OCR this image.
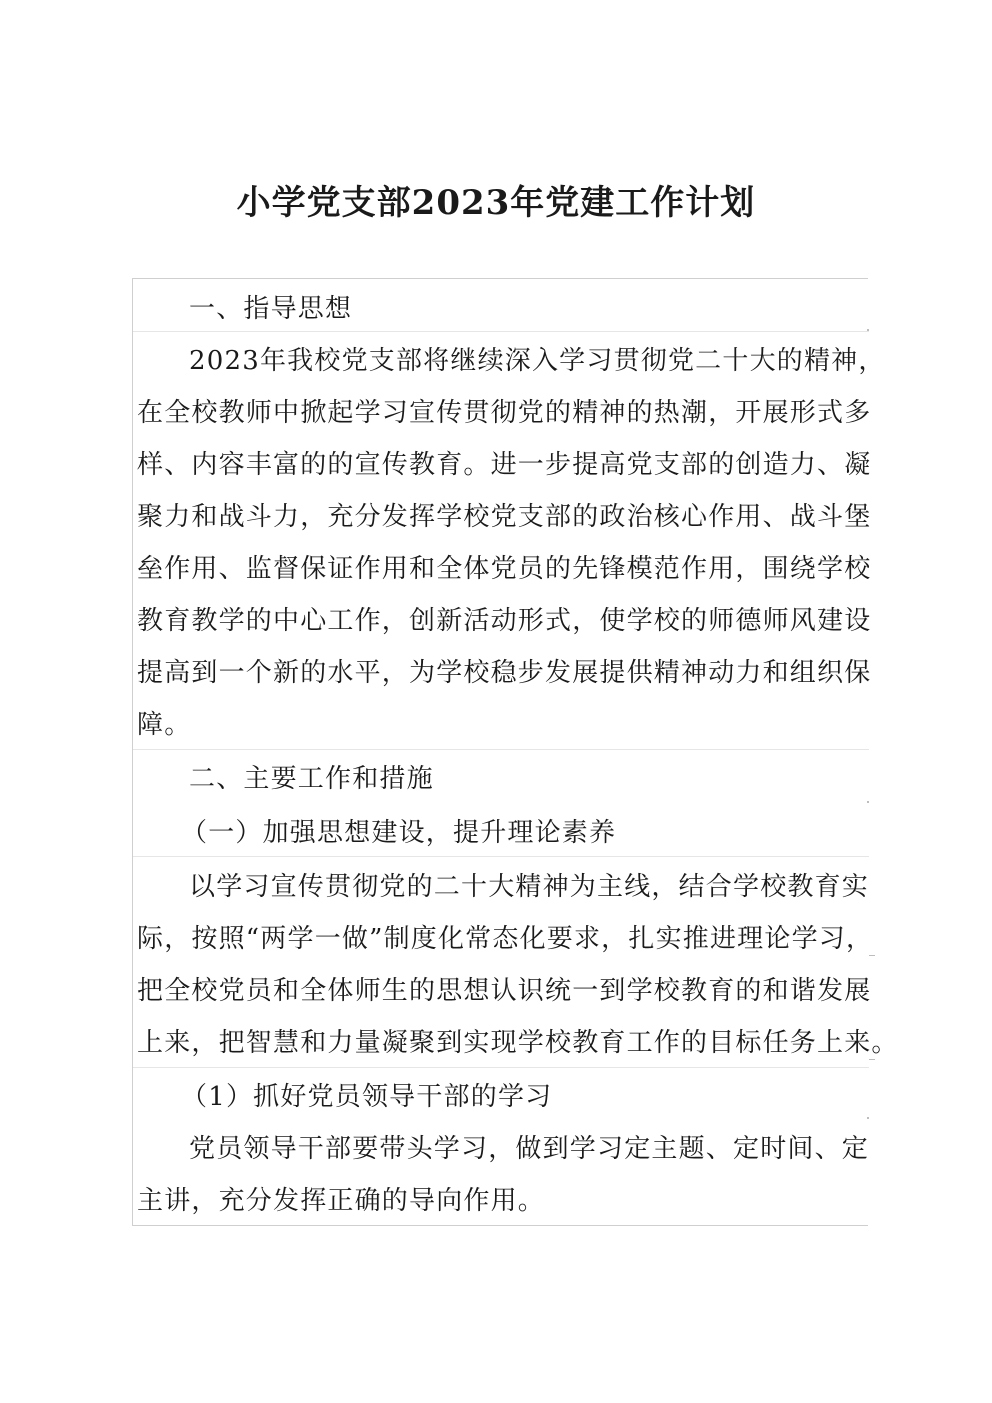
小学党支部2023年党建工作计划
一、指导思想
2023年我校党支部将继续深入学习贯彻党二十大的精神，
在全校教师中掀起学习宣传贯彻党的精神的热潮，开展形式多
样、内容丰富的的宣传教育。进一步提高党支部的创造力、凝
聚力和战斗力，充分发挥学校党支部的政治核心作用、战斗堡
垒作用、监督保证作用和全体党员的先锋模范作用，围绕学校
教育教学的中心工作，创新活动形式，使学校的师德师风建设
提高到一个新的水平，为学校稳步发展提供精神动力和组织保
障。
二、主要工作和措施
（一）加强思想建设，提升理论素养
以学习宣传贯彻党的二十大精神为主线，结合学校教育实
际，按照“两学一做”制度化常态化要求，扎实推进理论学习，
把全校党员和全体师生的思想认识统一到学校教育的和谐发展
上来，把智慧和力量凝聚到实现学校教育工作的目标任务上来。
（1）抓好党员领导干部的学习
党员领导干部要带头学习，做到学习定主题、定时间、定
主讲，充分发挥正确的导向作用。
